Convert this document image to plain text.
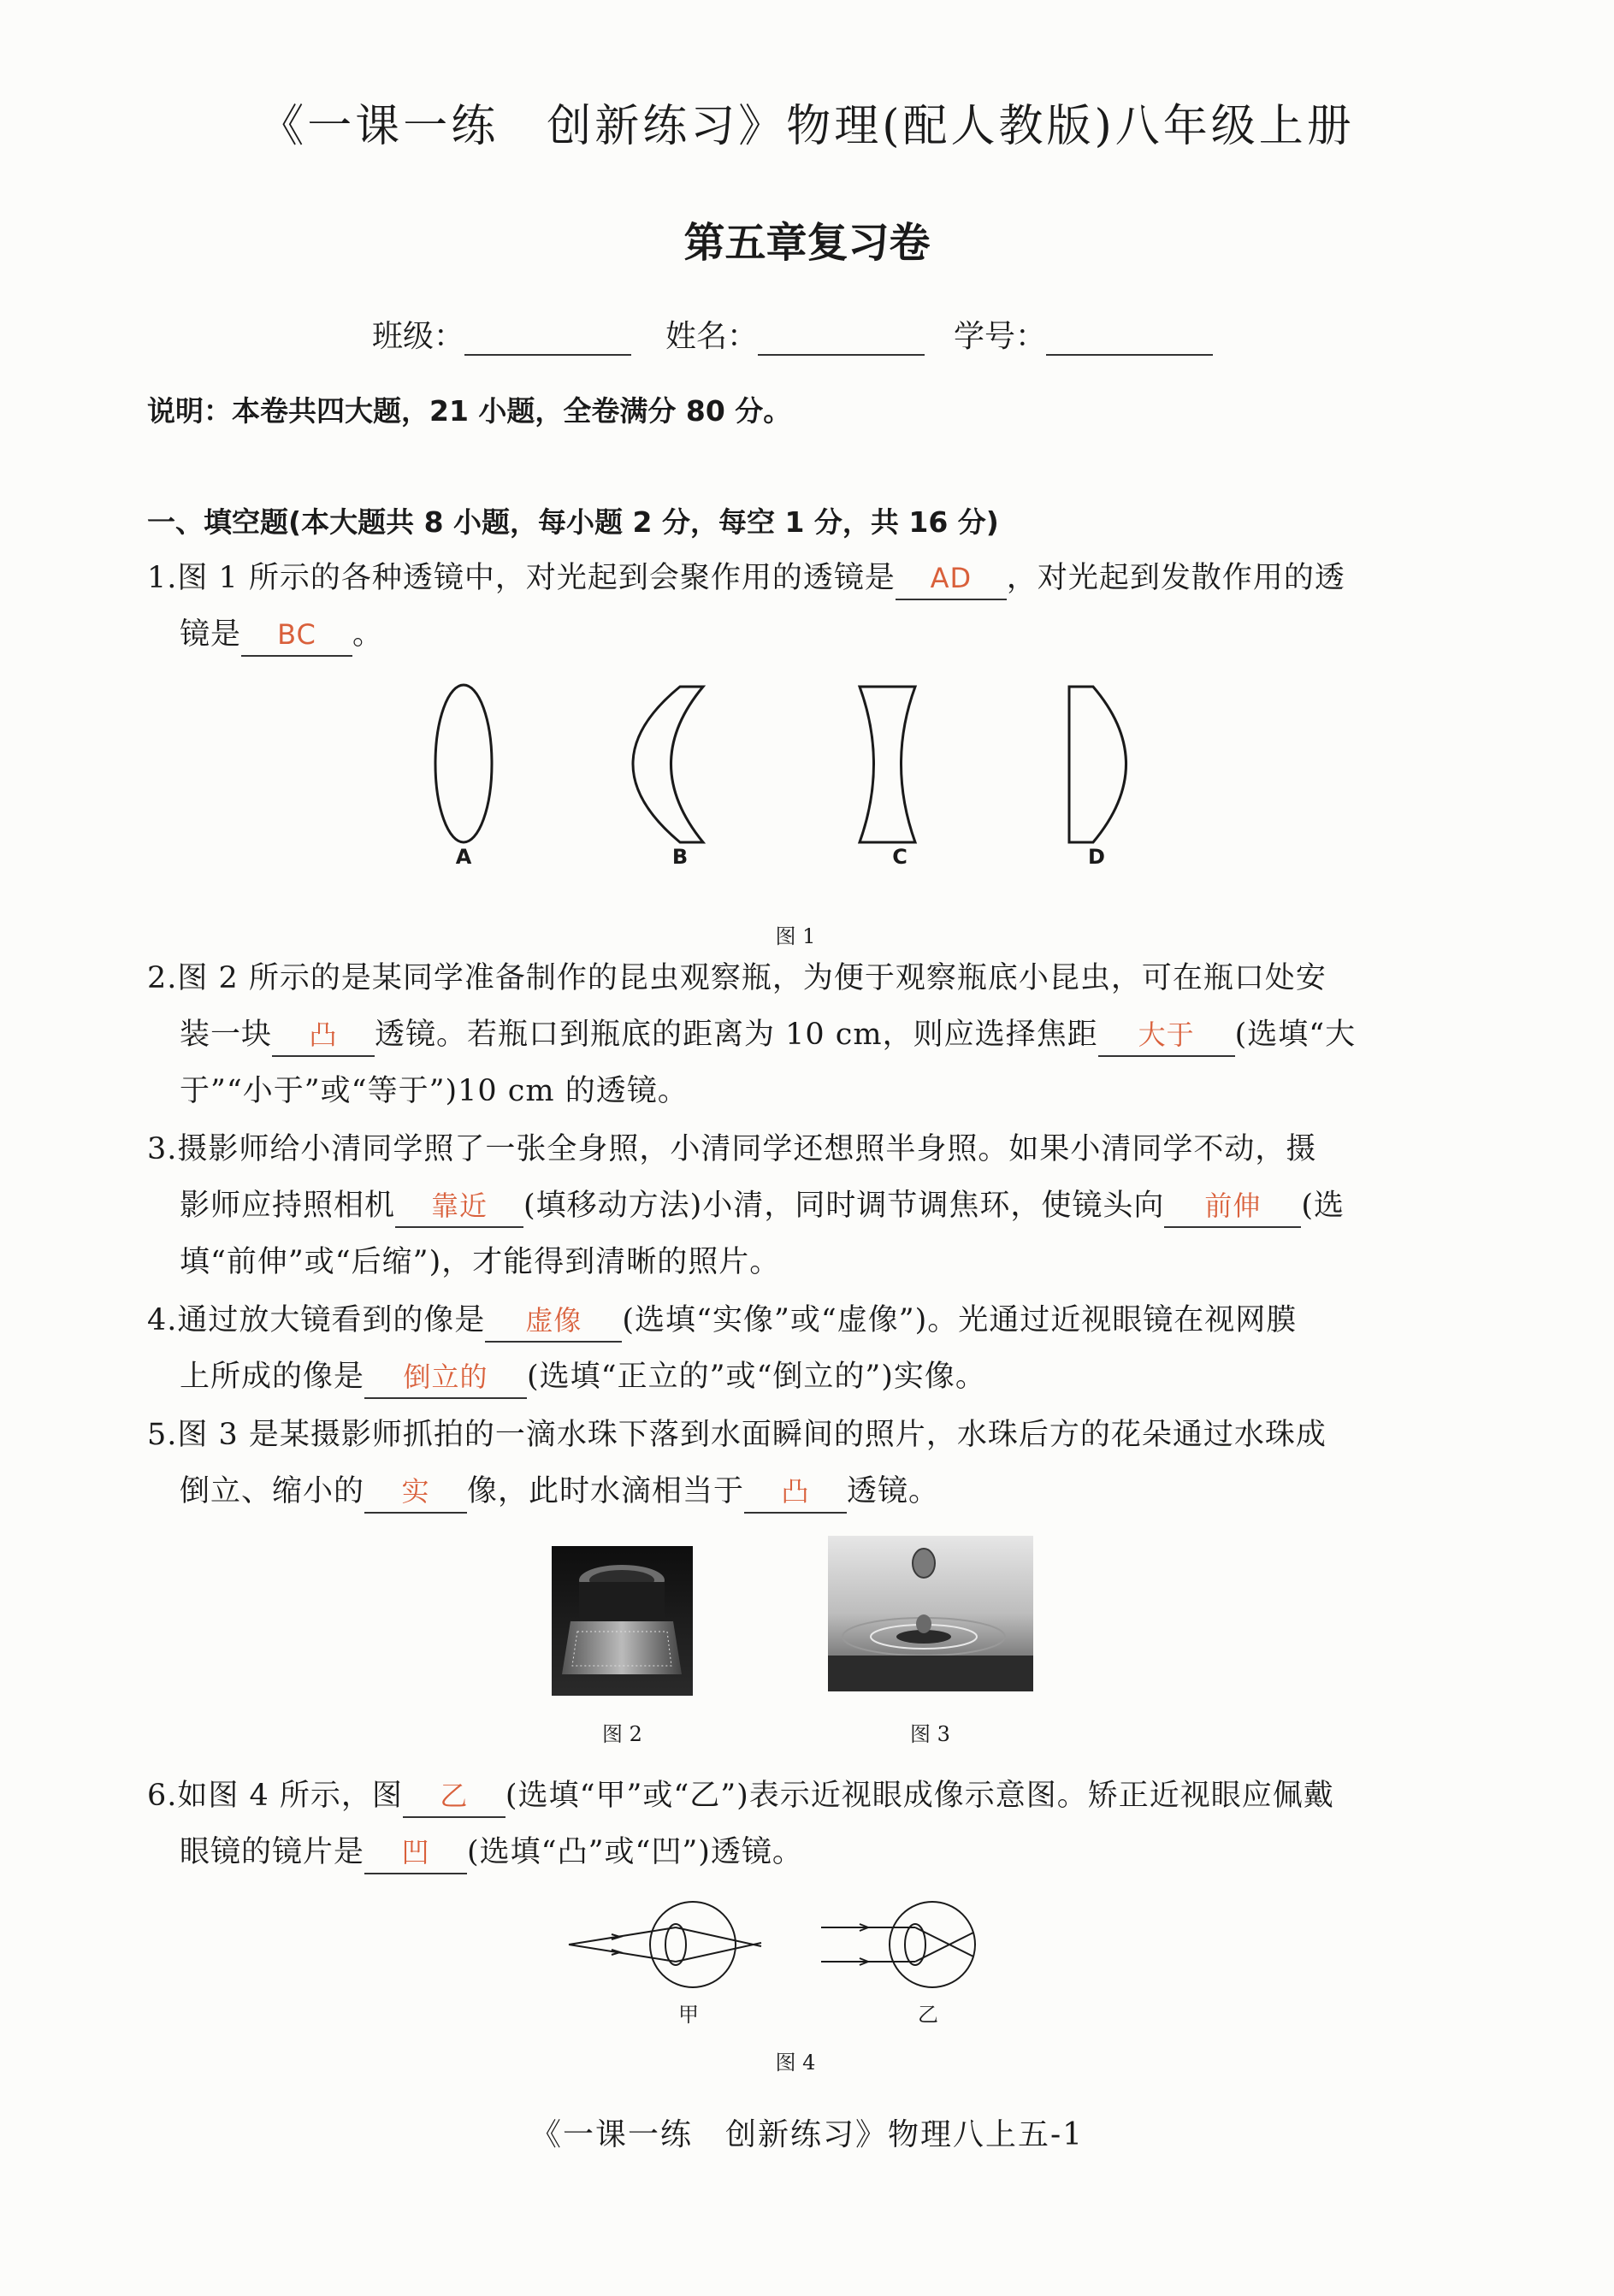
《一课一练　创新练习》物理(配人教版)八年级上册
第五章复习卷
班级：	姓名：	学号：
说明：本卷共四大题，21 小题，全卷满分 80 分。
一、填空题(本大题共 8 小题，每小题 2 分，每空 1 分，共 16 分)
1.图 1 所示的各种透镜中，对光起到会聚作用的透镜是 AD ，对光起到发散作用的透
镜是 BC 。
A	B	C	D
图 1
2.图 2 所示的是某同学准备制作的昆虫观察瓶，为便于观察瓶底小昆虫，可在瓶口处安
装一块 凸 透镜。若瓶口到瓶底的距离为 10 cm，则应选择焦距 大于 (选填“大
于”“小于”或“等于”)10 cm 的透镜。
3.摄影师给小清同学照了一张全身照，小清同学还想照半身照。如果小清同学不动，摄
影师应持照相机 靠近 (填移动方法)小清，同时调节调焦环，使镜头向 前伸 (选
填“前伸”或“后缩”)，才能得到清晰的照片。
4.通过放大镜看到的像是 虚像 (选填“实像”或“虚像”)。光通过近视眼镜在视网膜
上所成的像是 倒立的 (选填“正立的”或“倒立的”)实像。
5.图 3 是某摄影师抓拍的一滴水珠下落到水面瞬间的照片，水珠后方的花朵通过水珠成
倒立、缩小的 实 像，此时水滴相当于 凸 透镜。
图 2	图 3
6.如图 4 所示，图 乙 (选填“甲”或“乙”)表示近视眼成像示意图。矫正近视眼应佩戴
眼镜的镜片是 凹 (选填“凸”或“凹”)透镜。
甲	乙
图 4
《一课一练　创新练习》物理八上五-1
